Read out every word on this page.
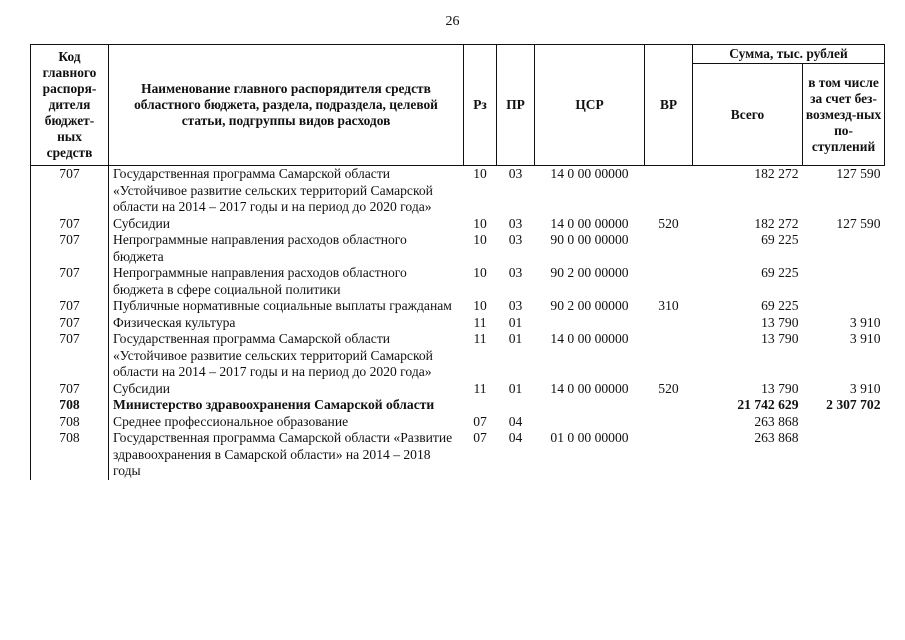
26
Код главного распоря-дителя бюджет-ных средств	Наименование главного распорядителя средств областного бюджета, раздела, подраздела, целевой статьи, подгруппы видов расходов	Рз	ПР	ЦСР	ВР	Сумма, тыс. рублей	
						Всего	в том числе за счет без-возмезд-ных по-ступлений
707	Государственная программа Самарской области «Устойчивое развитие сельских территорий Самарской области на 2014 – 2017 годы и на период до 2020 года»	10	03	14 0 00 00000		182 272	127 590
707	Субсидии	10	03	14 0 00 00000	520	182 272	127 590
707	Непрограммные направления расходов областного бюджета	10	03	90 0 00 00000		69 225	
707	Непрограммные направления расходов областного бюджета в сфере социальной политики	10	03	90 2 00 00000		69 225	
707	Публичные нормативные социальные выплаты гражданам	10	03	90 2 00 00000	310	69 225	
707	Физическая культура	11	01			13 790	3 910
707	Государственная программа Самарской области «Устойчивое развитие сельских территорий Самарской области на 2014 – 2017 годы и на период до 2020 года»	11	01	14 0 00 00000		13 790	3 910
707	Субсидии	11	01	14 0 00 00000	520	13 790	3 910
708	Министерство здравоохранения Самарской области					21 742 629	2 307 702
708	Среднее профессиональное образование	07	04			263 868	
708	Государственная программа Самарской области «Развитие здравоохранения в Самарской области» на 2014 – 2018 годы	07	04	01 0 00 00000		263 868	
